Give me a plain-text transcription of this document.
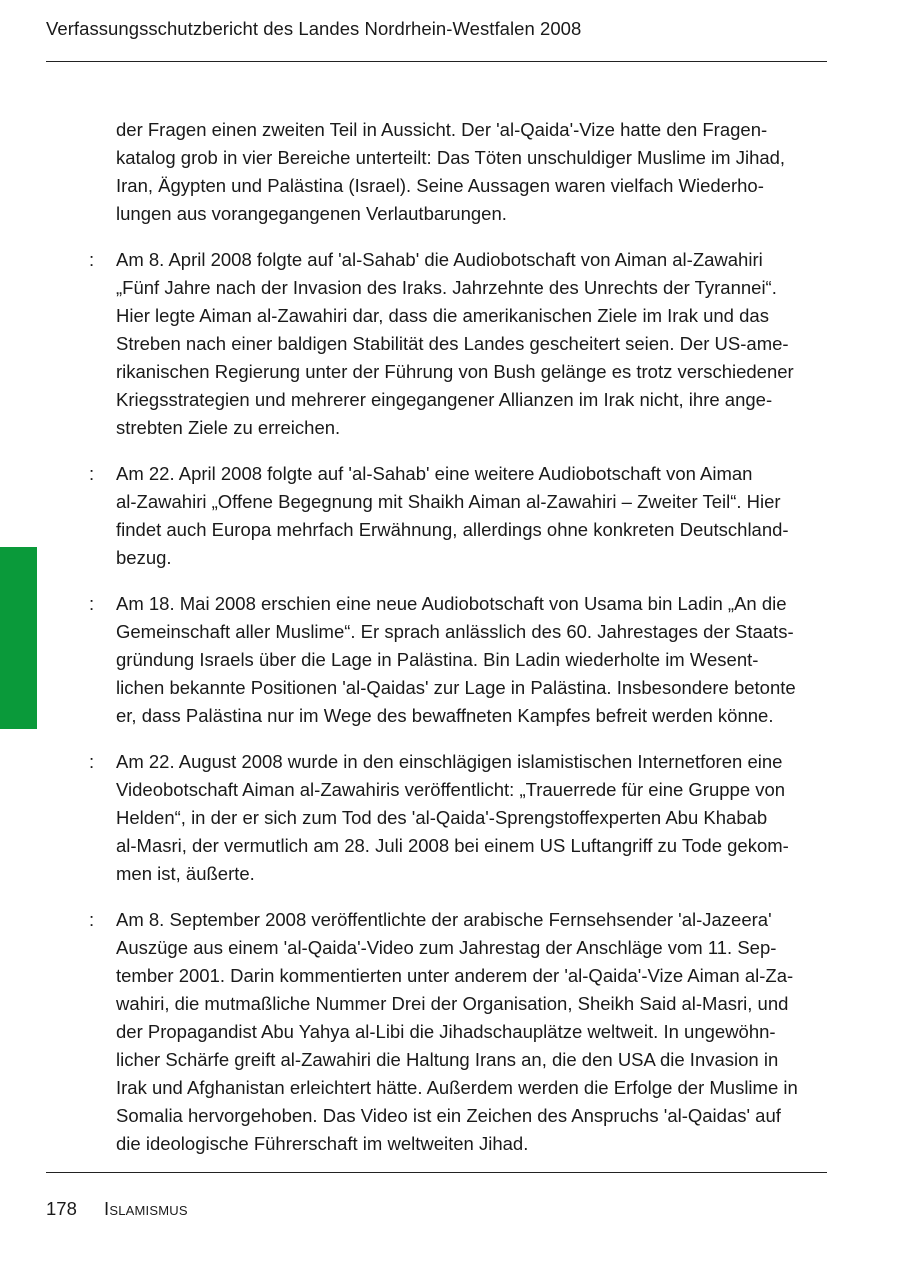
Verfassungsschutzbericht des Landes Nordrhein-Westfalen 2008
der Fragen einen zweiten Teil in Aussicht. Der 'al-Qaida'-Vize hatte den Fragen-
katalog grob in vier Bereiche unterteilt: Das Töten unschuldiger Muslime im Jihad,
Iran, Ägypten und Palästina (Israel). Seine Aussagen waren vielfach Wiederho-
lungen aus vorangegangenen Verlautbarungen.
:	Am 8. April 2008 folgte auf 'al-Sahab' die Audiobotschaft von Aiman al-Zawahiri
„Fünf Jahre nach der Invasion des Iraks. Jahrzehnte des Unrechts der Tyrannei“.
Hier legte Aiman al-Zawahiri dar, dass die amerikanischen Ziele im Irak und das
Streben nach einer baldigen Stabilität des Landes gescheitert seien. Der US-ame-
rikanischen Regierung unter der Führung von Bush gelänge es trotz verschiedener
Kriegsstrategien und mehrerer eingegangener Allianzen im Irak nicht, ihre ange-
strebten Ziele zu erreichen.
:	Am 22. April 2008 folgte auf 'al-Sahab' eine weitere Audiobotschaft von Aiman
al-Zawahiri „Offene Begegnung mit Shaikh Aiman al-Zawahiri – Zweiter Teil“. Hier
findet auch Europa mehrfach Erwähnung, allerdings ohne konkreten Deutschland-
bezug.
:	Am 18. Mai 2008 erschien eine neue Audiobotschaft von Usama bin Ladin „An die
Gemeinschaft aller Muslime“. Er sprach anlässlich des 60. Jahrestages der Staats-
gründung Israels über die Lage in Palästina. Bin Ladin wiederholte im Wesent-
lichen bekannte Positionen 'al-Qaidas' zur Lage in Palästina. Insbesondere betonte
er, dass Palästina nur im Wege des bewaffneten Kampfes befreit werden könne.
:	Am 22. August 2008 wurde in den einschlägigen islamistischen Internetforen eine
Videobotschaft Aiman al-Zawahiris veröffentlicht: „Trauerrede für eine Gruppe von
Helden“, in der er sich zum Tod des 'al-Qaida'-Sprengstoffexperten Abu Khabab
al-Masri, der vermutlich am 28. Juli 2008 bei einem US Luftangriff zu Tode gekom-
men ist, äußerte.
:	Am 8. September 2008 veröffentlichte der arabische Fernsehsender 'al-Jazeera'
Auszüge aus einem 'al-Qaida'-Video zum Jahrestag der Anschläge vom 11. Sep-
tember 2001. Darin kommentierten unter anderem der 'al-Qaida'-Vize Aiman al-Za-
wahiri, die mutmaßliche Nummer Drei der Organisation, Sheikh Said al-Masri, und
der Propagandist Abu Yahya al-Libi die Jihadschauplätze weltweit. In ungewöhn-
licher Schärfe greift al-Zawahiri die Haltung Irans an, die den USA die Invasion in
Irak und Afghanistan erleichtert hätte. Außerdem werden die Erfolge der Muslime in
Somalia hervorgehoben. Das Video ist ein Zeichen des Anspruchs 'al-Qaidas' auf
die ideologische Führerschaft im weltweiten Jihad.
178 Islamismus
